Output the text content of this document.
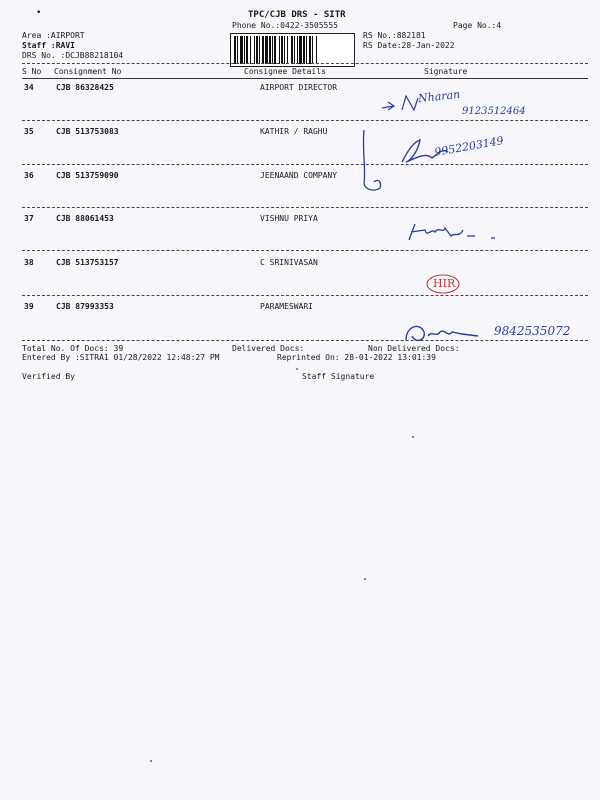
•	TPC/CJB DRS - SITR
Phone No.:0422-3505555	Page No.:4
Area :AIRPORT
Staff :RAVI
DRS No. :DCJB88218104
RS No.:882181
RS Date:28-Jan-2022
S No Consignment No	Consignee Details	Signature
34	CJB 86328425	AIRPORT DIRECTOR
35	CJB 513753083	KATHIR / RAGHU
36	CJB 513759090	JEENAAND COMPANY
37	CJB 88061453	VISHNU PRIYA
38	CJB 513753157	C SRINIVASAN
39	CJB 87993353	PARAMESWARI
Nharan
9123512464
9952203149
HIR
9842535072
Total No. Of Docs: 39	Delivered Docs:	Non Delivered Docs:
Entered By :SITRA1 01/28/2022 12:48:27 PM	Reprinted On: 28-01-2022 13:01:39
Verified By	Staff Signature
